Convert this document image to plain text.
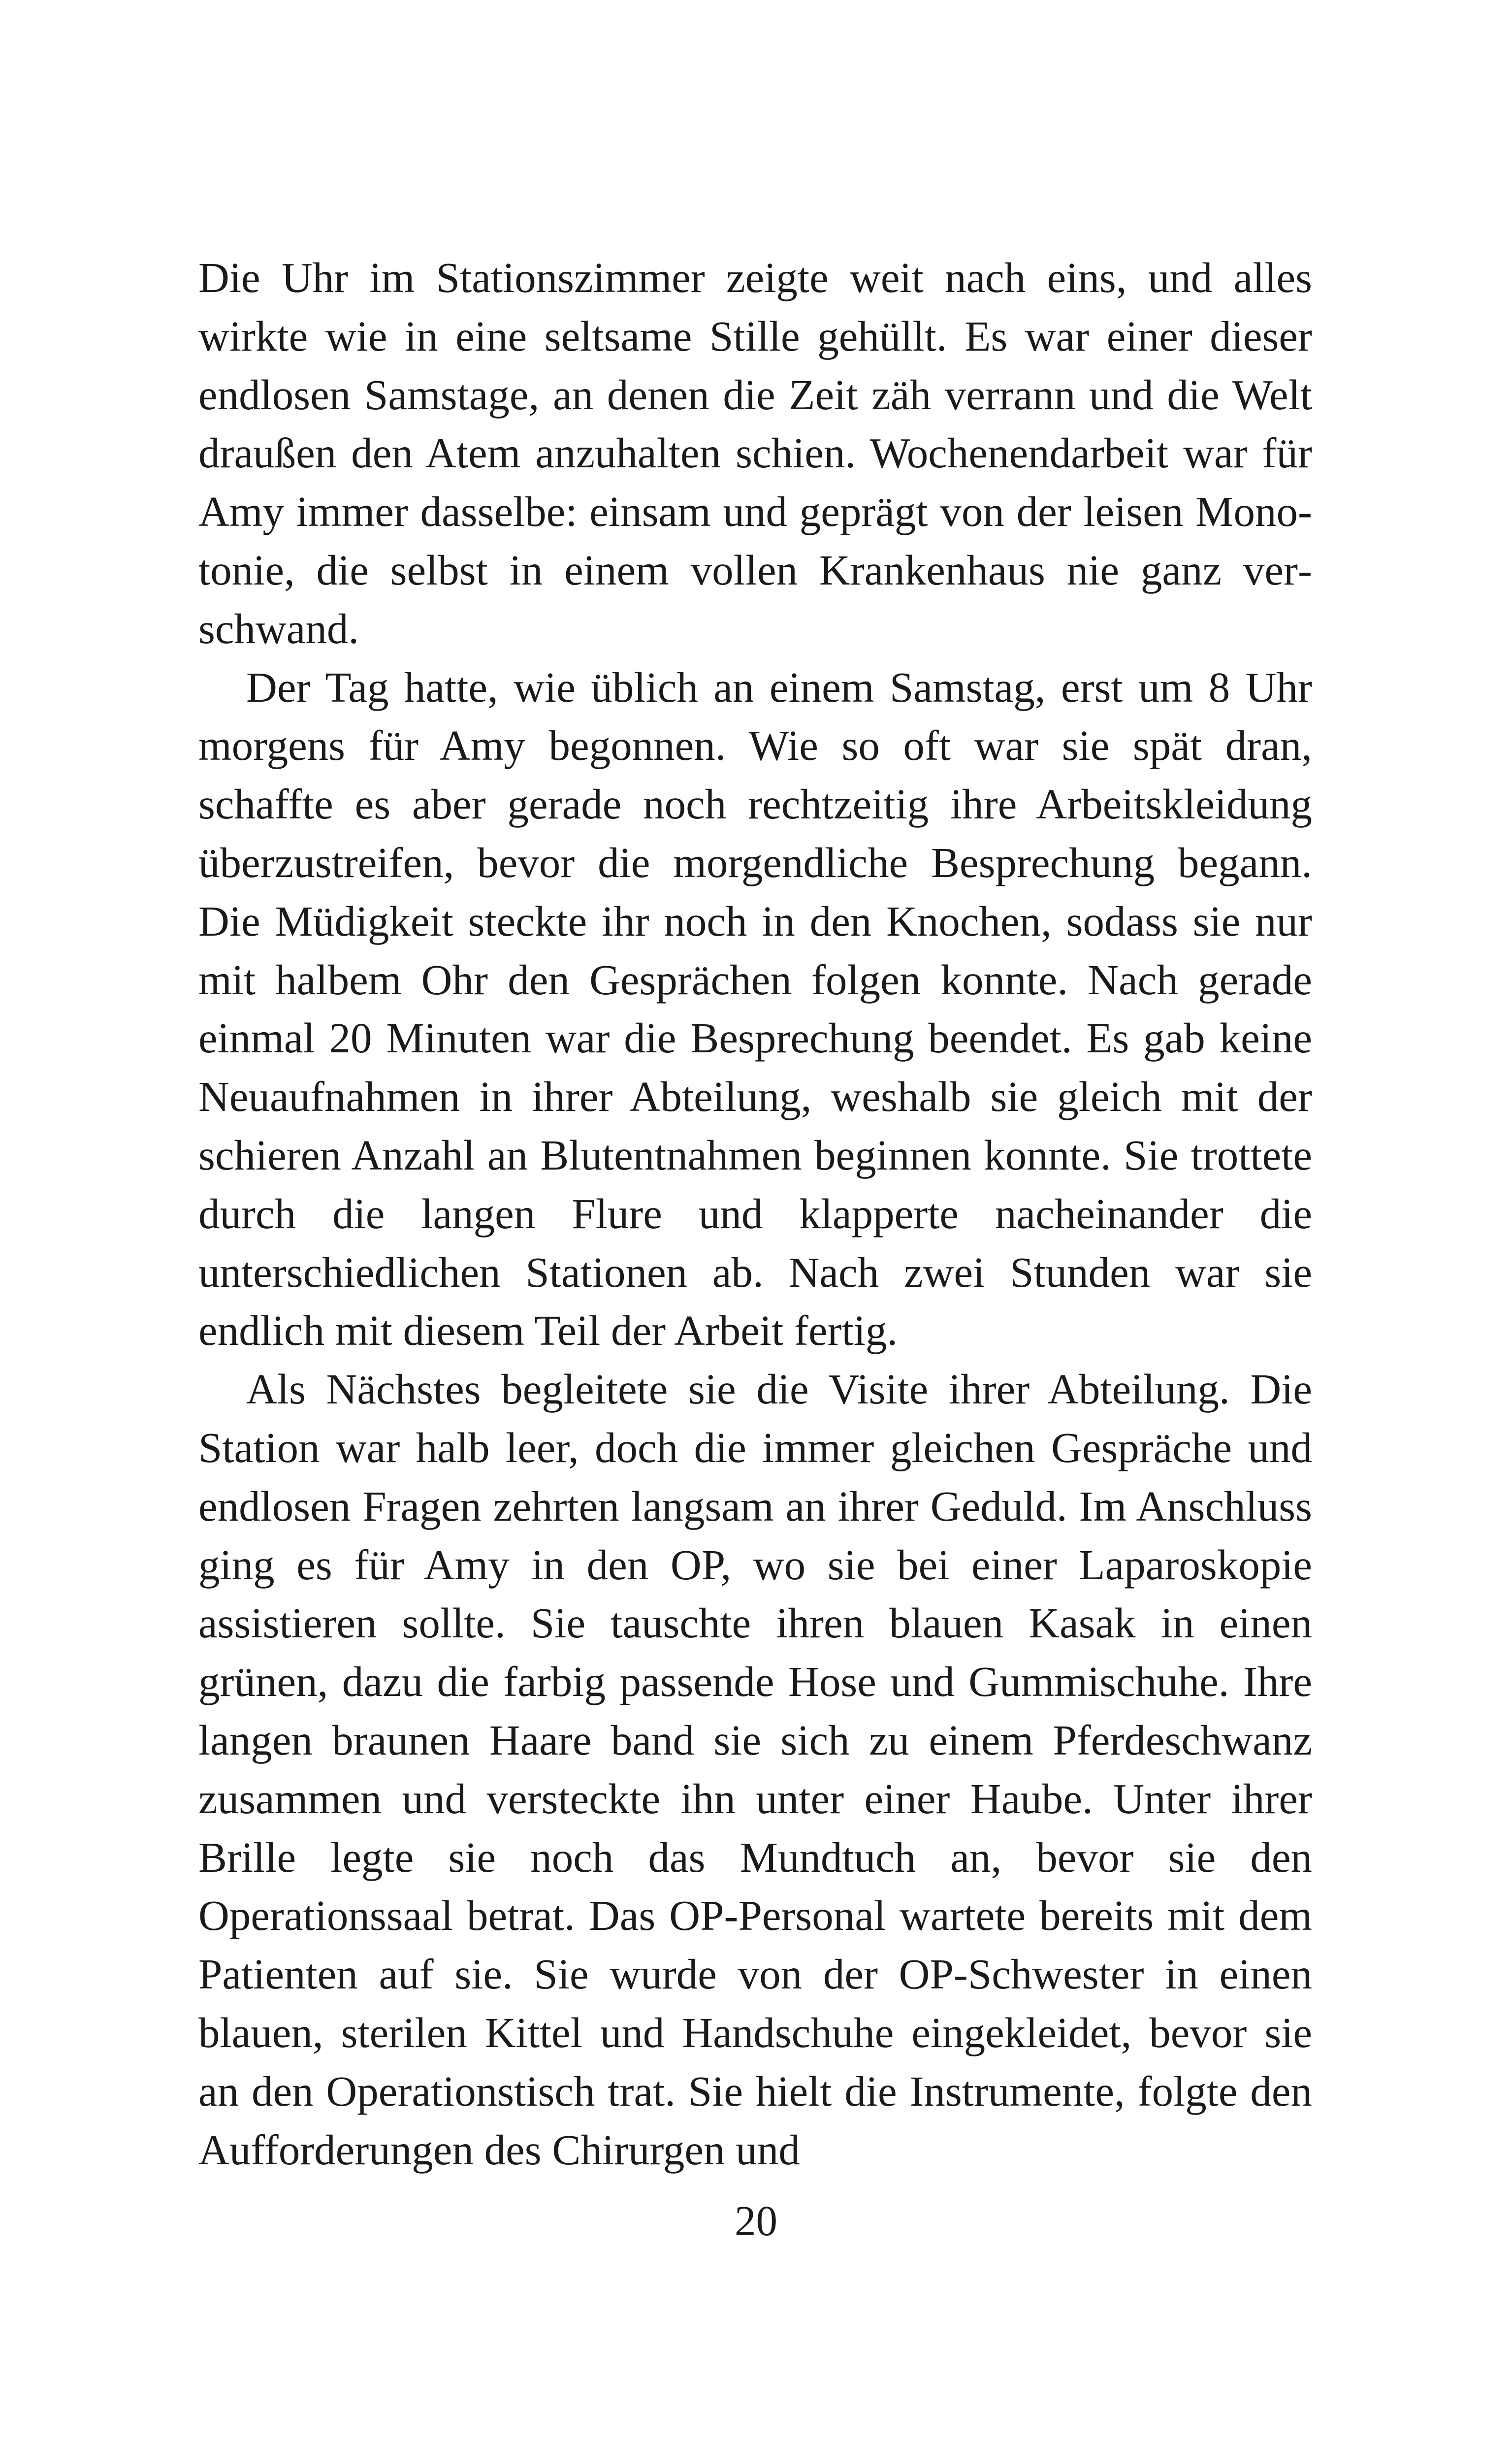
Die Uhr im Stationszimmer zeigte weit nach eins, und alles wirkte wie in eine seltsame Stille gehüllt. Es war einer dieser endlosen Samstage, an denen die Zeit zäh verrann und die Welt draußen den Atem anzuhalten schien. Wochenendarbeit war für Amy immer dasselbe: einsam und geprägt von der leisen Monotonie, die selbst in einem vollen Krankenhaus nie ganz verschwand.

Der Tag hatte, wie üblich an einem Samstag, erst um 8 Uhr morgens für Amy begonnen. Wie so oft war sie spät dran, schaffte es aber gerade noch rechtzeitig ihre Arbeitskleidung überzustreifen, bevor die morgendliche Besprechung begann. Die Müdigkeit steckte ihr noch in den Knochen, sodass sie nur mit halbem Ohr den Gesprächen folgen konnte. Nach gerade einmal 20 Minuten war die Besprechung beendet. Es gab keine Neuaufnahmen in ihrer Abteilung, weshalb sie gleich mit der schieren Anzahl an Blutentnahmen beginnen konnte. Sie trottete durch die langen Flure und klapperte nacheinander die unterschiedlichen Stationen ab. Nach zwei Stunden war sie endlich mit diesem Teil der Arbeit fertig.

Als Nächstes begleitete sie die Visite ihrer Abteilung. Die Station war halb leer, doch die immer gleichen Gespräche und endlosen Fragen zehrten langsam an ihrer Geduld. Im Anschluss ging es für Amy in den OP, wo sie bei einer Laparoskopie assistieren sollte. Sie tauschte ihren blauen Kasak in einen grünen, dazu die farbig passende Hose und Gummischuhe. Ihre langen braunen Haare band sie sich zu einem Pferdeschwanz zusammen und versteckte ihn unter einer Haube. Unter ihrer Brille legte sie noch das Mundtuch an, bevor sie den Operationssaal betrat. Das OP-Personal wartete bereits mit dem Patienten auf sie. Sie wurde von der OP-Schwester in einen blauen, sterilen Kittel und Handschuhe eingekleidet, bevor sie an den Operationstisch trat. Sie hielt die Instrumente, folgte den Aufforderungen des Chirurgen und

20
